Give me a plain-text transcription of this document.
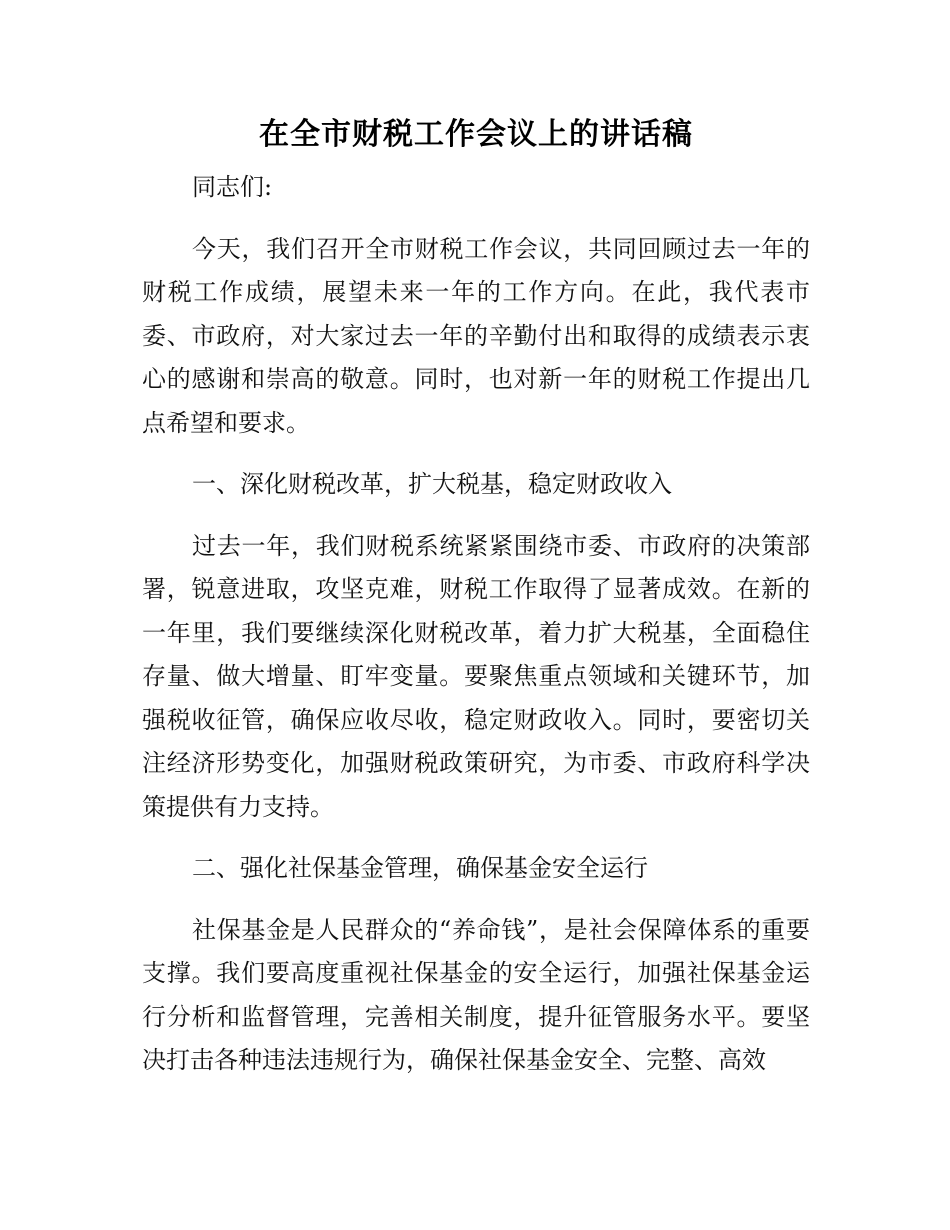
在全市财税工作会议上的讲话稿

同志们:

今天，我们召开全市财税工作会议，共同回顾过去一年的财税工作成绩，展望未来一年的工作方向。在此，我代表市委、市政府，对大家过去一年的辛勤付出和取得的成绩表示衷心的感谢和崇高的敬意。同时，也对新一年的财税工作提出几点希望和要求。

一、深化财税改革，扩大税基，稳定财政收入

过去一年，我们财税系统紧紧围绕市委、市政府的决策部署，锐意进取，攻坚克难，财税工作取得了显著成效。在新的一年里，我们要继续深化财税改革，着力扩大税基，全面稳住存量、做大增量、盯牢变量。要聚焦重点领域和关键环节，加强税收征管，确保应收尽收，稳定财政收入。同时，要密切关注经济形势变化，加强财税政策研究，为市委、市政府科学决策提供有力支持。

二、强化社保基金管理，确保基金安全运行

社保基金是人民群众的“养命钱”，是社会保障体系的重要支撑。我们要高度重视社保基金的安全运行，加强社保基金运行分析和监督管理，完善相关制度，提升征管服务水平。要坚决打击各种违法违规行为，确保社保基金安全、完整、高效
